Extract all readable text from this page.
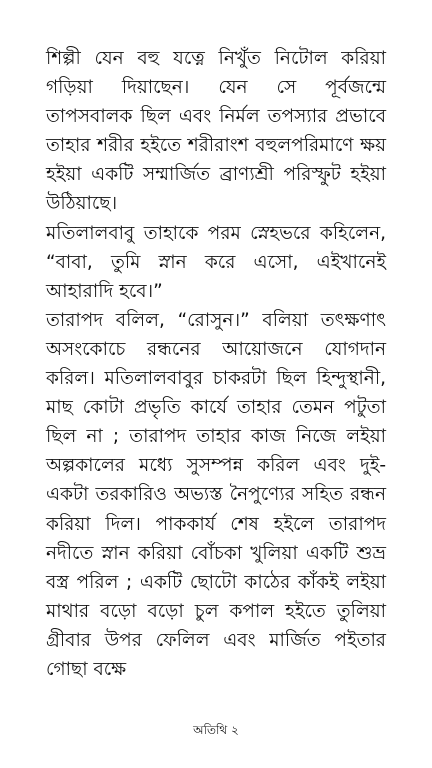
শিল্পী যেন বহু যত্নে নিখুঁত নিটোল করিয়া গড়িয়া দিয়াছেন। যেন সে পূর্বজন্মে তাপসবালক ছিল এবং নির্মল তপস্যার প্রভাবে তাহার শরীর হইতে শরীরাংশ বহুলপরিমাণে ক্ষয় হইয়া একটি সম্মার্জিত ব্রাণ্যশ্রী পরিস্ফুট হইয়া উঠিয়াছে।

মতিলালবাবু তাহাকে পরম স্নেহভরে কহিলেন, “বাবা, তুমি স্নান করে এসো, এইখানেই আহারাদি হবে।”

তারাপদ বলিল, “রোসুন।” বলিয়া তৎক্ষণাৎ অসংকোচে রন্ধনের আয়োজনে যোগদান করিল। মতিলালবাবুর চাকরটা ছিল হিন্দুস্থানী, মাছ কোটা প্রভৃতি কার্যে তাহার তেমন পটুতা ছিল না ; তারাপদ তাহার কাজ নিজে লইয়া অল্পকালের মধ্যে সুসম্পন্ন করিল এবং দুই- একটা তরকারিও অভ্যস্ত নৈপুণ্যের সহিত রন্ধন করিয়া দিল। পাককার্য শেষ হইলে তারাপদ নদীতে স্নান করিয়া বোঁচকা খুলিয়া একটি শুভ্র বস্ত্র পরিল ; একটি ছোটো কাঠের কাঁকই লইয়া মাথার বড়ো বড়ো চুল কপাল হইতে তুলিয়া গ্রীবার উপর ফেলিল এবং মার্জিত পইতার গোছা বক্ষে

অতিথি ২
